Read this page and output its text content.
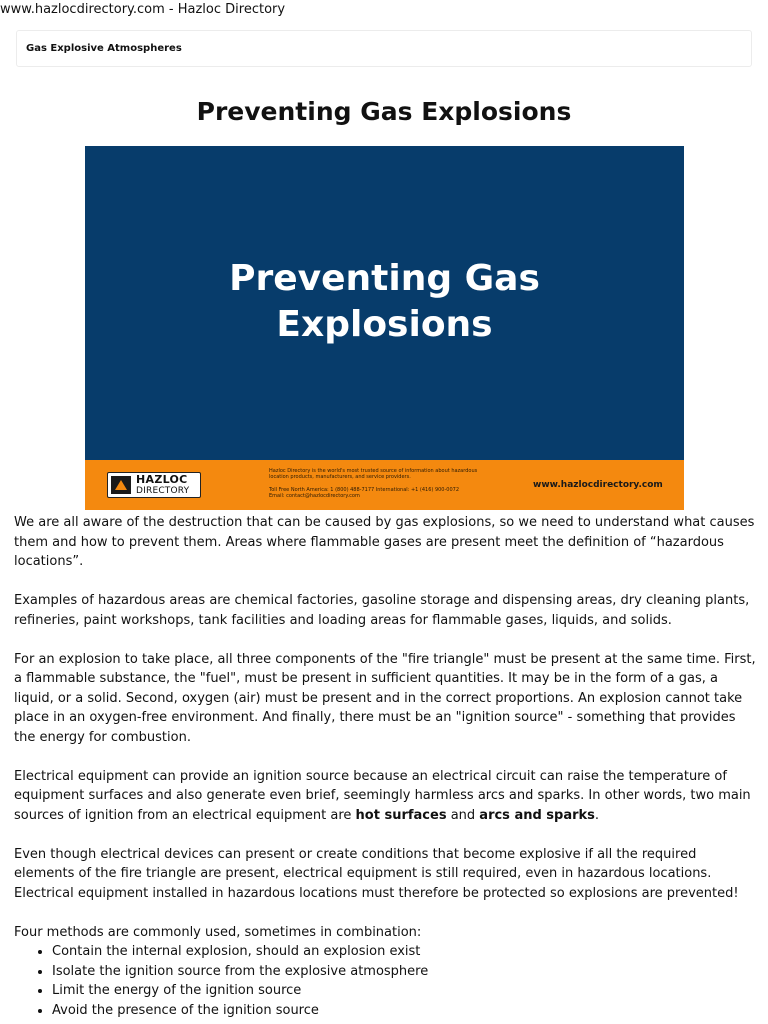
www.hazlocdirectory.com - Hazloc Directory
Gas Explosive Atmospheres
Preventing Gas Explosions
Preventing Gas
Explosions
HAZLOC
DIRECTORY
Hazloc Directory is the world's most trusted source of information about hazardous
location products, manufacturers, and service providers.
Toll Free North America: 1 (800) 488-7177 International: +1 (416) 900-0072
Email: contact@hazlocdirectory.com
www.hazlocdirectory.com

We are all aware of the destruction that can be caused by gas explosions, so we need to understand what causes them and how to prevent them. Areas where flammable gases are present meet the definition of “hazardous locations”.

Examples of hazardous areas are chemical factories, gasoline storage and dispensing areas, dry cleaning plants, refineries, paint workshops, tank facilities and loading areas for flammable gases, liquids, and solids.

For an explosion to take place, all three components of the "fire triangle" must be present at the same time. First, a flammable substance, the "fuel", must be present in sufficient quantities. It may be in the form of a gas, a liquid, or a solid. Second, oxygen (air) must be present and in the correct proportions. An explosion cannot take place in an oxygen-free environment. And finally, there must be an "ignition source" - something that provides the energy for combustion.

Electrical equipment can provide an ignition source because an electrical circuit can raise the temperature of equipment surfaces and also generate even brief, seemingly harmless arcs and sparks. In other words, two main sources of ignition from an electrical equipment are hot surfaces and arcs and sparks.

Even though electrical devices can present or create conditions that become explosive if all the required elements of the fire triangle are present, electrical equipment is still required, even in hazardous locations.

Electrical equipment installed in hazardous locations must therefore be protected so explosions are prevented!

Four methods are commonly used, sometimes in combination:

• Contain the internal explosion, should an explosion exist
• Isolate the ignition source from the explosive atmosphere
• Limit the energy of the ignition source
• Avoid the presence of the ignition source
